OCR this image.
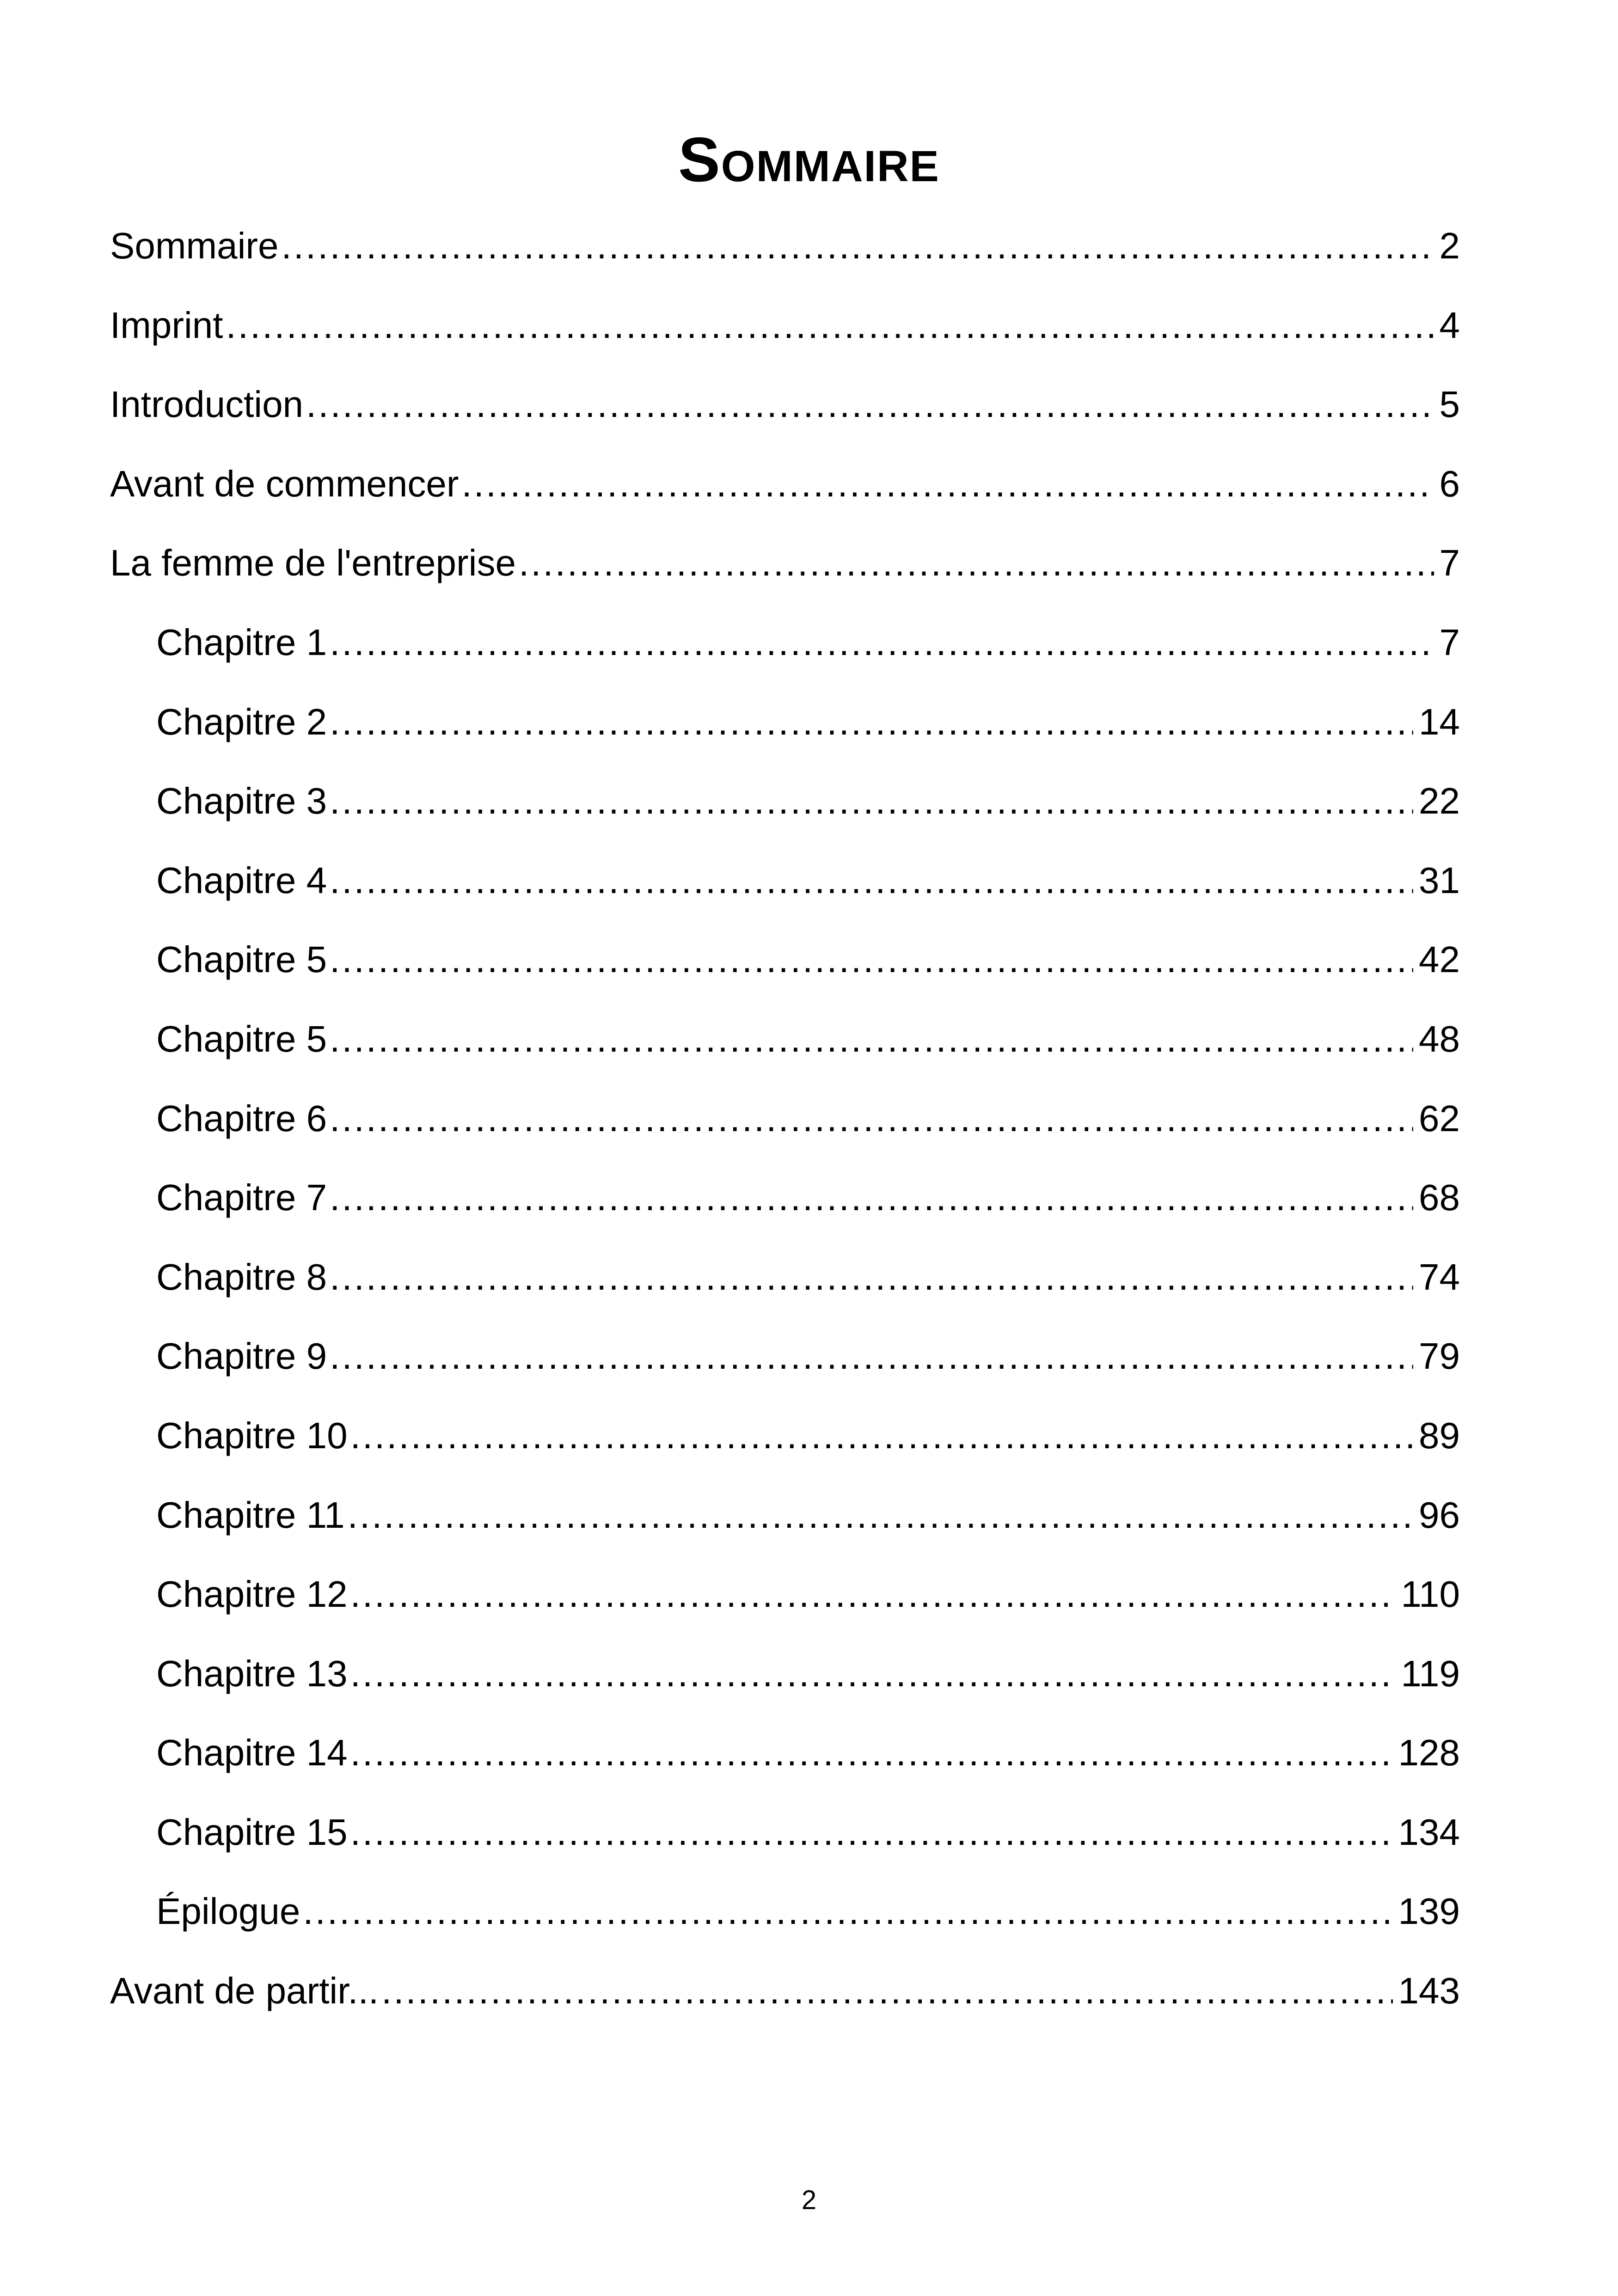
Sommaire
Sommaire .....	2
Imprint .....	4
Introduction .....	5
Avant de commencer .....	6
La femme de l'entreprise .....	7
Chapitre 1 .....	7
Chapitre 2 .....	14
Chapitre 3 .....	22
Chapitre 4 .....	31
Chapitre 5 .....	42
Chapitre 5 .....	48
Chapitre 6 .....	62
Chapitre 7 .....	68
Chapitre 8 .....	74
Chapitre 9 .....	79
Chapitre 10 .....	89
Chapitre 11 .....	96
Chapitre 12 .....	110
Chapitre 13 .....	119
Chapitre 14 .....	128
Chapitre 15 .....	134
Épilogue .....	139
Avant de partir... .....	143
2
